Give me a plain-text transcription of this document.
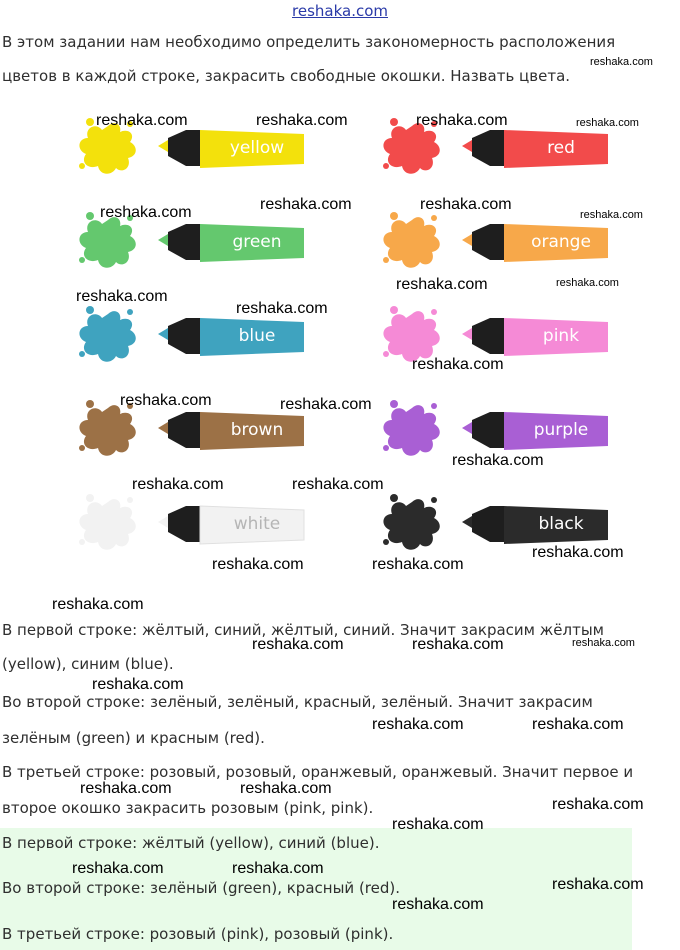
reshaka.com
В этом задании нам необходимо определить закономерность расположения
цветов в каждой строке, закрасить свободные окошки. Назвать цвета.
yellow	red
green	orange
blue	pink
brown	purple
white	black
В первой строке: жёлтый, синий, жёлтый, синий. Значит закрасим жёлтым
(yellow), синим (blue).
Во второй строке: зелёный, зелёный, красный, зелёный. Значит закрасим
зелёным (green) и красным (red).
В третьей строке: розовый, розовый, оранжевый, оранжевый. Значит первое и
второе окошко закрасить розовым (pink, pink).
В первой строке: жёлтый (yellow), синий (blue).
Во второй строке: зелёный (green), красный (red).
В третьей строке: розовый (pink), розовый (pink).
reshaka.com	reshaka.com	reshaka.com
reshaka.com
reshaka.com
reshaka.com	reshaka.com	reshaka.com
reshaka.com
reshaka.com
reshaka.com	reshaka.com
reshaka.com
reshaka.com
reshaka.com	reshaka.com
reshaka.com
reshaka.com	reshaka.com
reshaka.com
reshaka.com	reshaka.com
reshaka.com
reshaka.com	reshaka.com	reshaka.com
reshaka.com
reshaka.com	reshaka.com
reshaka.com	reshaka.com
reshaka.com
reshaka.com
reshaka.com	reshaka.com
reshaka.com
reshaka.com
